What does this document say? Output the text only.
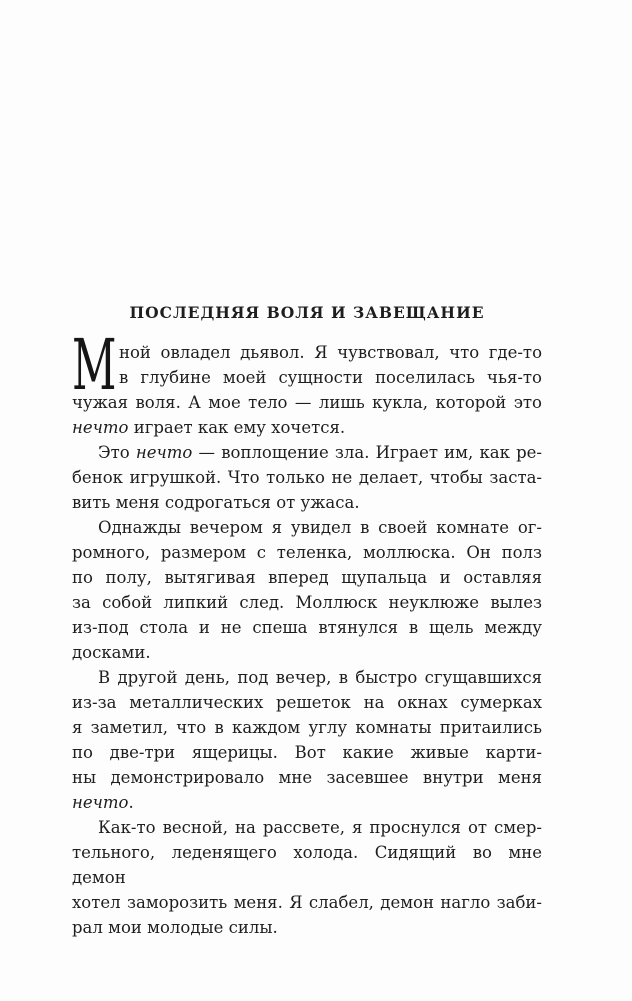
ПОСЛЕДНЯЯ ВОЛЯ И ЗАВЕЩАНИЕ
М ной овладел дьявол. Я чувствовал, что где-то
в глубине моей сущности поселилась чья-то
чужая воля. А мое тело — лишь кукла, которой это
нечто играет как ему хочется.
Это нечто — воплощение зла. Играет им, как ре-
бенок игрушкой. Что только не делает, чтобы заста-
вить меня содрогаться от ужаса.
Однажды вечером я увидел в своей комнате ог-
ромного, размером с теленка, моллюска. Он полз
по полу, вытягивая вперед щупальца и оставляя
за собой липкий след. Моллюск неуклюже вылез
из-под стола и не спеша втянулся в щель между
досками.
В другой день, под вечер, в быстро сгущавшихся
из-за металлических решеток на окнах сумерках
я заметил, что в каждом углу комнаты притаились
по две-три ящерицы. Вот какие живые карти-
ны демонстрировало мне засевшее внутри меня
нечто.
Как-то весной, на рассвете, я проснулся от смер-
тельного, леденящего холода. Сидящий во мне демон
хотел заморозить меня. Я слабел, демон нагло заби-
рал мои молодые силы.
